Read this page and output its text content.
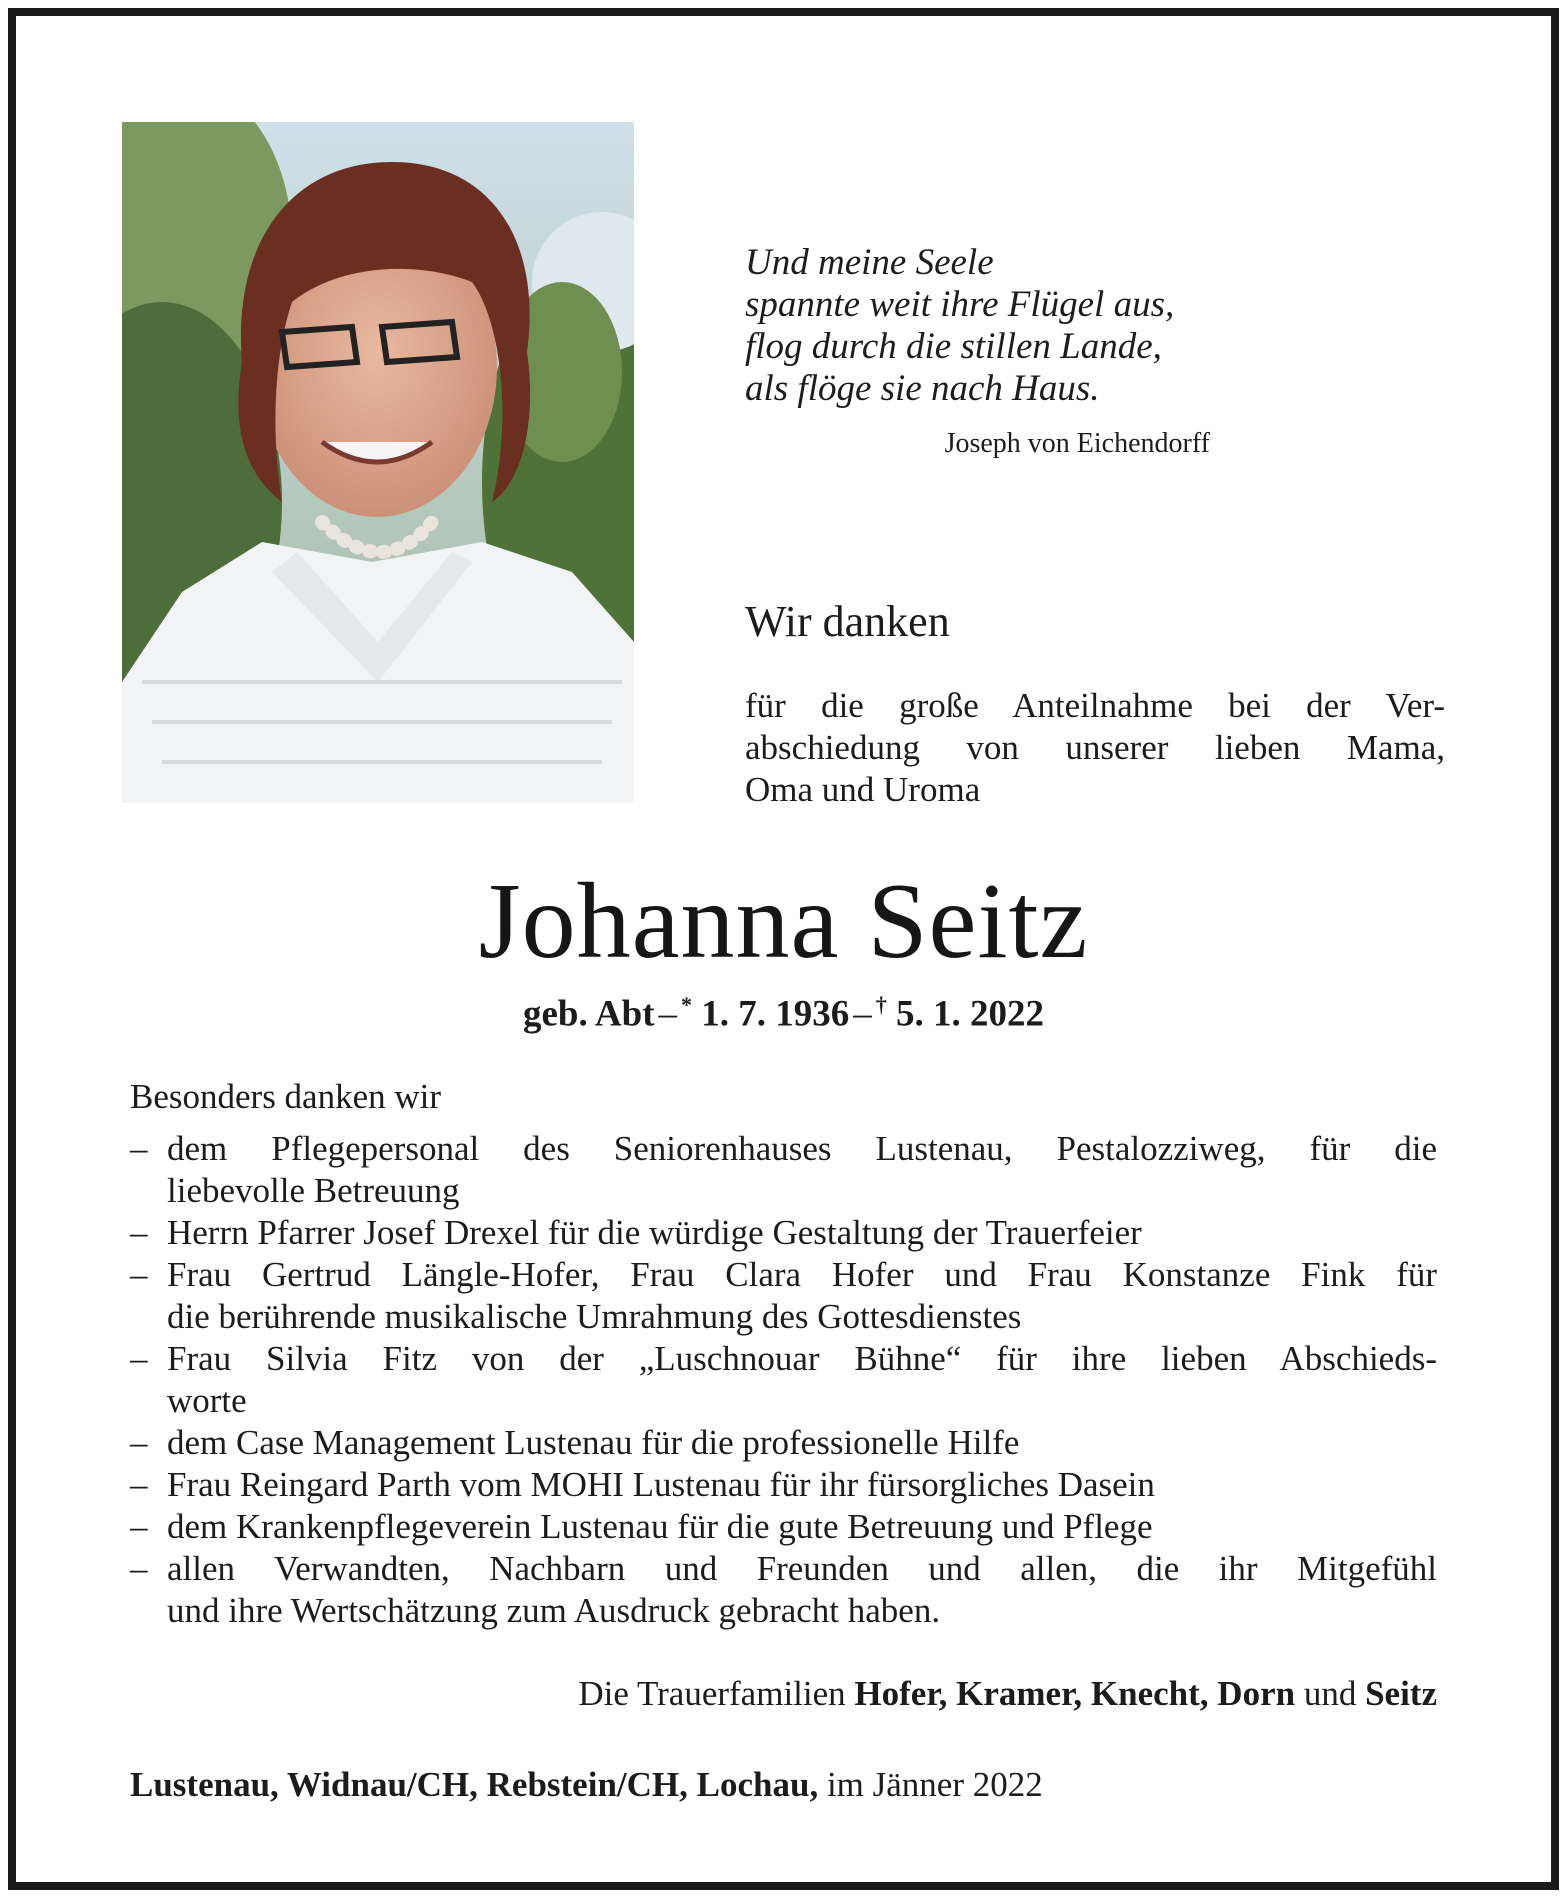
Und meine Seele
spannte weit ihre Flügel aus,
flog durch die stillen Lande,
als flöge sie nach Haus.
Joseph von Eichendorff
Wir danken
für die große Anteilnahme bei der Ver-
abschiedung von unserer lieben Mama,
Oma und Uroma
Johanna Seitz
geb. Abt – * 1. 7. 1936 – † 5. 1. 2022
Besonders danken wir
– dem Pflegepersonal des Seniorenhauses Lustenau, Pestalozziweg, für die
liebevolle Betreuung
– Herrn Pfarrer Josef Drexel für die würdige Gestaltung der Trauerfeier
– Frau Gertrud Längle-Hofer, Frau Clara Hofer und Frau Konstanze Fink für
die berührende musikalische Umrahmung des Gottesdienstes
– Frau Silvia Fitz von der „Luschnouar Bühne“ für ihre lieben Abschieds-
worte
– dem Case Management Lustenau für die professionelle Hilfe
– Frau Reingard Parth vom MOHI Lustenau für ihr fürsorgliches Dasein
– dem Krankenpflegeverein Lustenau für die gute Betreuung und Pflege
– allen Verwandten, Nachbarn und Freunden und allen, die ihr Mitgefühl
und ihre Wertschätzung zum Ausdruck gebracht haben.
Die Trauerfamilien Hofer, Kramer, Knecht, Dorn und Seitz
Lustenau, Widnau/CH, Rebstein/CH, Lochau, im Jänner 2022
